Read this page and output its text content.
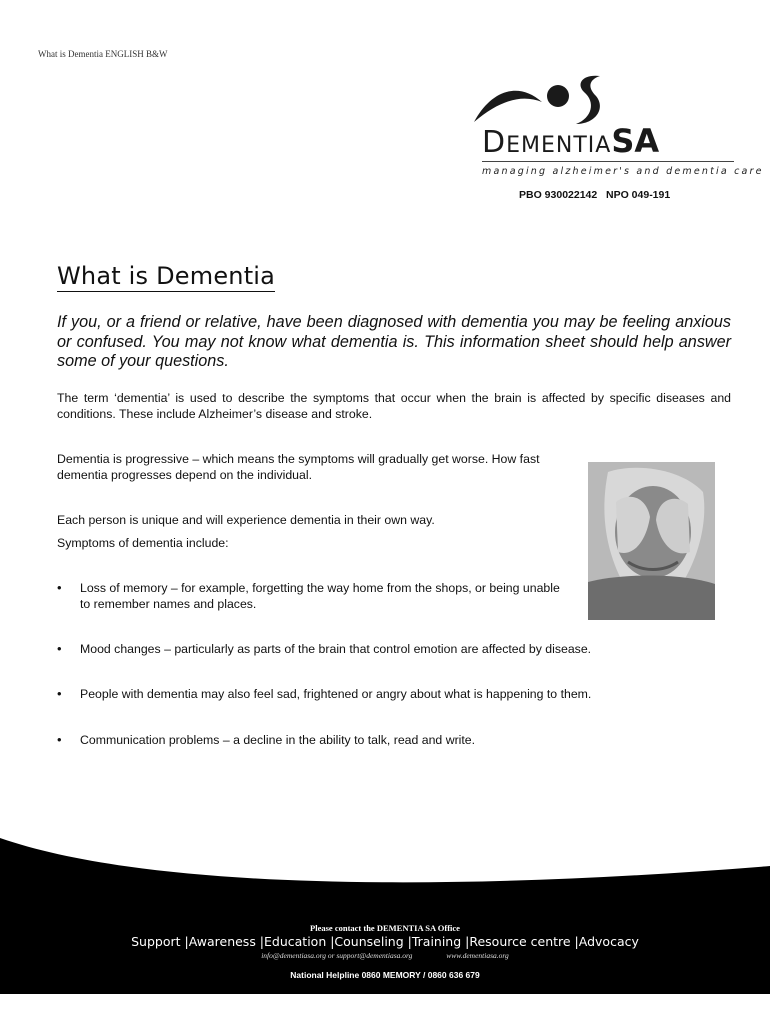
What is Dementia ENGLISH B&W
DEMENTIASA
managing alzheimer's and dementia care
PBO 930022142 NPO 049-191
What is Dementia

If you, or a friend or relative, have been diagnosed with dementia you may be feeling anxious or confused. You may not know what dementia is. This information sheet should help answer some of your questions.

The term ‘dementia’ is used to describe the symptoms that occur when the brain is affected by specific diseases and conditions. These include Alzheimer’s disease and stroke.

Dementia is progressive – which means the symptoms will gradually get worse. How fast dementia progresses depend on the individual.

Each person is unique and will experience dementia in their own way.

Symptoms of dementia include:

• Loss of memory – for example, forgetting the way home from the shops, or being unable to remember names and places.
• Mood changes – particularly as parts of the brain that control emotion are affected by disease.
• People with dementia may also feel sad, frightened or angry about what is happening to them.
• Communication problems – a decline in the ability to talk, read and write.
Please contact the DEMENTIA SA Office
Support |Awareness |Education |Counseling |Training |Resource centre |Advocacy
info@dementiasa.org or support@dementiasa.org	www.dementiasa.org
National Helpline 0860 MEMORY / 0860 636 679
